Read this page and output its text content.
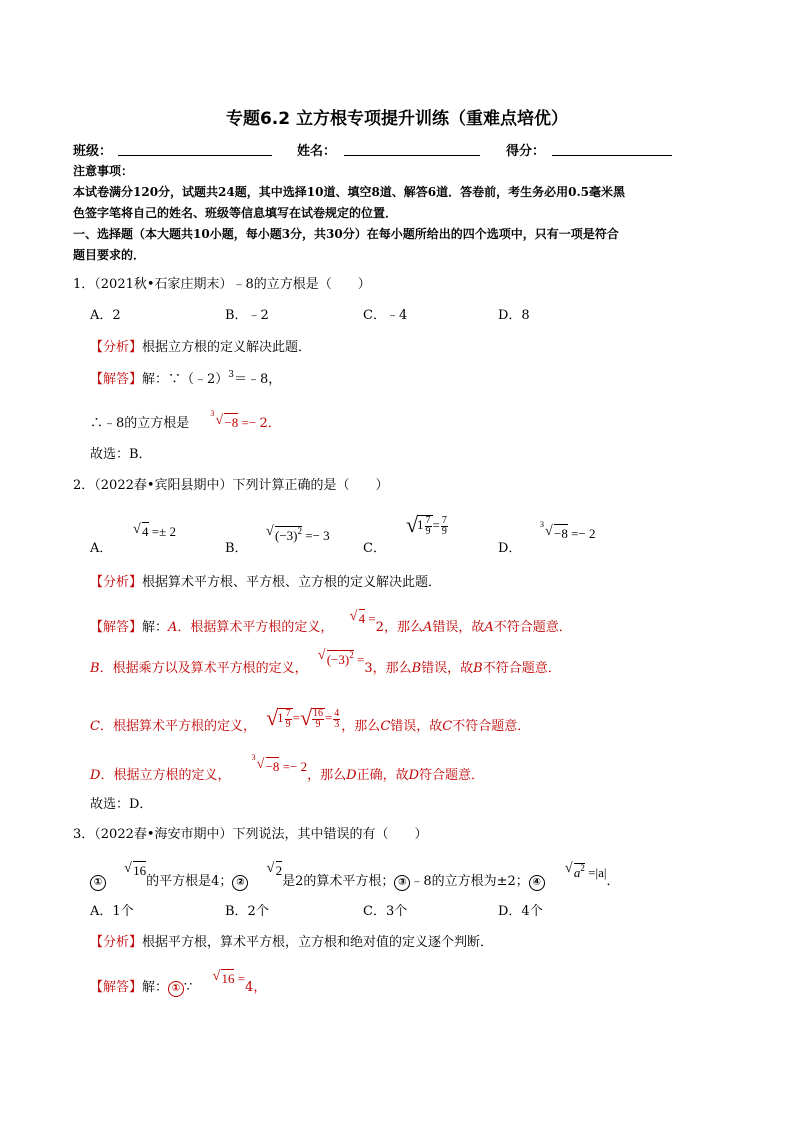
专题6.2 立方根专项提升训练（重难点培优）
班级：	姓名：	得分：
注意事项：
本试卷满分120分，试题共24题，其中选择10道、填空8道、解答6道．答卷前，考生务必用0.5毫米黑
色签字笔将自己的姓名、班级等信息填写在试卷规定的位置．
一、选择题（本大题共10小题，每小题3分，共30分）在每小题所给出的四个选项中，只有一项是符合
题目要求的．
1．（2021秋•石家庄期末）﹣8的立方根是（　　）
A．2	B．﹣2	C．﹣4	D．8
【分析】根据立方根的定义解决此题．
【解答】解：∵（﹣2）$^3$＝﹣8，
∴﹣8的立方根是
3 √ −8 =− 2．
故选：B．
2．（2022春•宾阳县期中）下列计算正确的是（　　）
A．
√ 4 =± 2
B．
√ $(-3)^2 =- 3$
C．
√
$1 \frac{7}{9} = \frac{7}{9}$
D．
3 √ −8 =− 2
【分析】根据算术平方根、平方根、立方根的定义解决此题．
【解答】解：A．根据算术平方根的定义，
√ 4 =2，那么A错误，故A不符合题意．
B．根据乘方以及算术平方根的定义，
√ $(-3)^2 =3$，那么B错误，故B不符合题意．
C．根据算术平方根的定义， √
$1 \frac{7}{9}$ = √ $\frac{16}{9} = \frac{4}{3}$ ，那么C错误，故C不符合题意．
D．根据立方根的定义，
3 √ −8 =− 2，那么D正确，故D符合题意．
故选：D．
3．（2022春•海安市期中）下列说法，其中错误的有（　　）
①
√ 16的平方根是4； ②
√ 2是2的算术平方根； ③ ﹣8的立方根为±2； ④
√ $a^2 =|a|$．
A．1个	B．2个	C．3个	D．4个
【分析】根据平方根，算术平方根，立方根和绝对值的定义逐个判断．
【解答】解： ① ∵
√ 16 =4，
